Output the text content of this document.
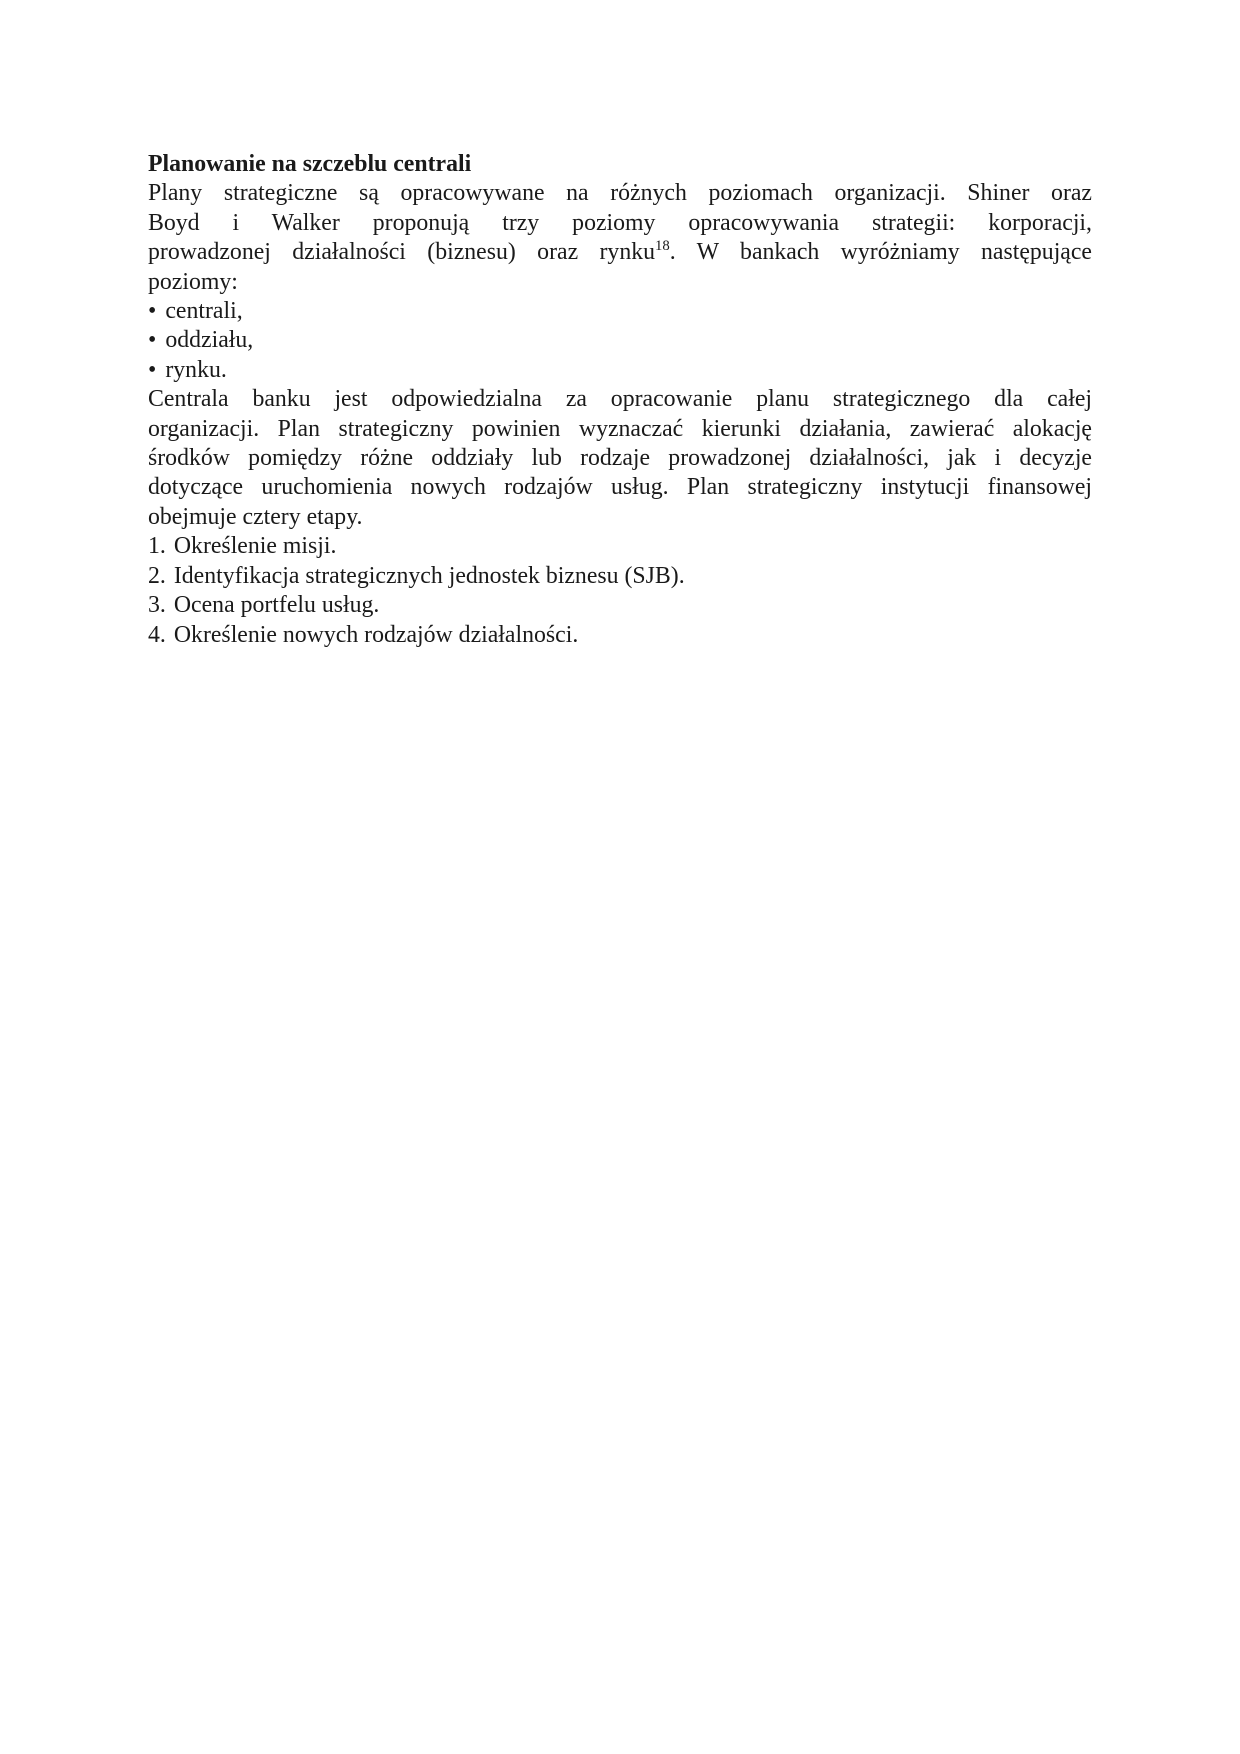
Planowanie na szczeblu centrali
Plany strategiczne są opracowywane na różnych poziomach organizacji. Shiner oraz
Boyd i Walker proponują trzy poziomy opracowywania strategii: korporacji,
prowadzonej działalności (biznesu) oraz rynku$^{18}$. W bankach wyróżniamy następujące
poziomy:
• centrali,
• oddziału,
• rynku.
Centrala banku jest odpowiedzialna za opracowanie planu strategicznego dla całej
organizacji. Plan strategiczny powinien wyznaczać kierunki działania, zawierać alokację
środków pomiędzy różne oddziały lub rodzaje prowadzonej działalności, jak i decyzje
dotyczące uruchomienia nowych rodzajów usług. Plan strategiczny instytucji finansowej
obejmuje cztery etapy.
1. Określenie misji.
2. Identyfikacja strategicznych jednostek biznesu (SJB).
3. Ocena portfelu usług.
4. Określenie nowych rodzajów działalności.
